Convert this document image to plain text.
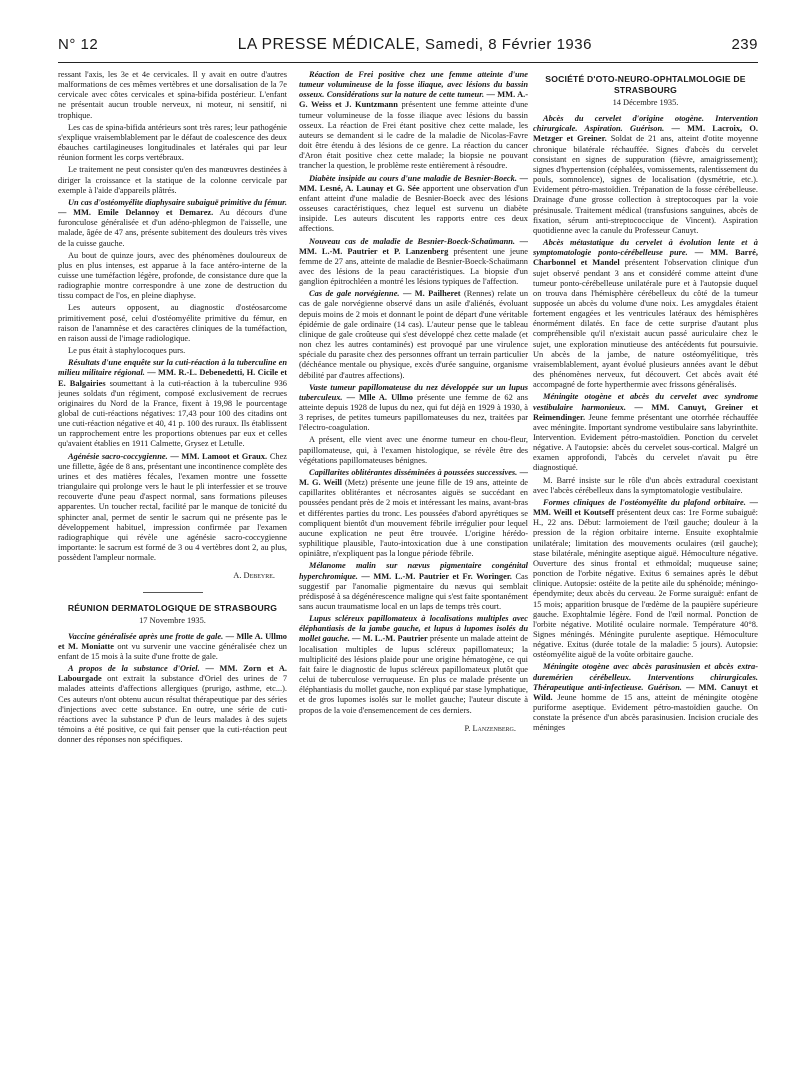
N° 12	LA PRESSE MÉDICALE, Samedi, 8 Février 1936	239

ressant l'axis, les 3e et 4e cervicales. Il y avait en outre d'autres malformations de ces mêmes vertèbres et une dorsalisation de la 7e cervicale avec côtes cervicales et spina-bifida postérieur. L'enfant ne présentait aucun trouble nerveux, ni moteur, ni sensitif, ni trophique.

Les cas de spina-bifida antérieurs sont très rares; leur pathogénie s'explique vraisemblablement par le défaut de coalescence des deux ébauches cartilagineuses longitudinales et latérales qui par leur réunion forment les corps vertébraux.

Le traitement ne peut consister qu'en des manœuvres destinées à diriger la croissance et la statique de la colonne cervicale par exemple à l'aide d'appareils plâtrés.

Un cas d'ostéomyélite diaphysaire subaiguë primitive du fémur. — MM. Emile Delannoy et Demarez. Au décours d'une furonculose généralisée et d'un adéno-phlegmon de l'aisselle, une malade, âgée de 47 ans, présente subitement des douleurs très vives de la cuisse gauche.

Au bout de quinze jours, avec des phénomènes douloureux de plus en plus intenses, est apparue à la face antéro-interne de la cuisse une tuméfaction légère, profonde, de consistance dure que la radiographie montre correspondre à une zone de destruction du tissu compact de l'os, en pleine diaphyse.

Les auteurs opposent, au diagnostic d'ostéosarcome primitivement posé, celui d'ostéomyélite primitive du fémur, en raison de l'anamnèse et des caractères cliniques de la tuméfaction, en raison aussi de l'image radiologique.

Le pus était à staphylocoques purs.

Résultats d'une enquête sur la cuti-réaction à la tuberculine en milieu militaire régional. — MM. R.-L. Debenedetti, H. Cicile et E. Balgairies soumettant à la cuti-réaction à la tuberculine 936 jeunes soldats d'un régiment, composé exclusivement de recrues originaires du Nord de la France, fixent à 19,98 le pourcentage global de cuti-réactions négatives: 17,43 pour 100 des citadins ont une cuti-réaction négative et 40, 41 p. 100 des ruraux. Ils établissent un rapprochement entre les proportions obtenues par eux et celles qu'avaient établies en 1911 Calmette, Grysez et Letulle.

Agénésie sacro-coccygienne. — MM. Lamoot et Graux. Chez une fillette, âgée de 8 ans, présentant une incontinence complète des urines et des matières fécales, l'examen montre une fossette triangulaire qui prolonge vers le haut le pli interfessier et se trouve recouverte d'une peau d'aspect normal, sans formations pileuses apparentes. Un toucher rectal, facilité par le manque de tonicité du sphincter anal, permet de sentir le sacrum qui ne présente pas le développement habituel, impression confirmée par l'examen radiographique qui révèle une agénésie sacro-coccygienne importante: le sacrum est formé de 3 ou 4 vertèbres dont 2, au plus, possèdent l'ampleur normale.

A. Debeyre.
RÉUNION DERMATOLOGIQUE DE STRASBOURG
17 Novembre 1935.

Vaccine généralisée après une frotte de gale. — Mlle A. Ullmo et M. Moniatte ont vu survenir une vaccine généralisée chez un enfant de 15 mois à la suite d'une frotte de gale.

A propos de la substance d'Oriel. — MM. Zorn et A. Labourgade ont extrait la substance d'Oriel des urines de 7 malades atteints d'affections allergiques (prurigo, asthme, etc...). Ces auteurs n'ont obtenu aucun résultat thérapeutique par des séries d'injections avec cette substance. En outre, une série de cuti-réactions avec la substance P d'un de leurs malades à des sujets témoins a été positive, ce qui fait penser que la cuti-réaction peut donner des réponses non spécifiques.

Réaction de Frei positive chez une femme atteinte d'une tumeur volumineuse de la fosse iliaque, avec lésions du bassin osseux. Considérations sur la nature de cette tumeur. — MM. A.-G. Weiss et J. Kuntzmann présentent une femme atteinte d'une tumeur volumineuse de la fosse iliaque avec lésions du bassin osseux. La réaction de Frei étant positive chez cette malade, les auteurs se demandent si le cadre de la maladie de Nicolas-Favre doit être étendu à des lésions de ce genre. La réaction du cancer d'Aron était positive chez cette malade; la biopsie ne pouvant trancher la question, le problème reste entièrement à résoudre.

Diabète insipide au cours d'une maladie de Besnier-Boeck. — MM. Lesné, A. Launay et G. Sée apportent une observation d'un enfant atteint d'une maladie de Besnier-Boeck avec des lésions osseuses caractéristiques, chez lequel est survenu un diabète insipide. Les auteurs discutent les rapports entre ces deux affections.

Nouveau cas de maladie de Besnier-Boeck-Schaümann. — MM. L.-M. Pautrier et P. Lanzenberg présentent une jeune femme de 27 ans, atteinte de maladie de Besnier-Boeck-Schaümann avec des lésions de la peau caractéristiques. La biopsie d'un ganglion épitrochléen a montré les lésions typiques de l'affection.

Cas de gale norvégienne. — M. Pailheret (Rennes) relate un cas de gale norvégienne observé dans un asile d'aliénés, évoluant depuis moins de 2 mois et donnant le point de départ d'une véritable épidémie de gale ordinaire (14 cas). L'auteur pense que le tableau clinique de gale croûteuse qui s'est développé chez cette malade (et non chez les autres contaminés) est provoqué par une virulence spéciale du parasite chez des personnes offrant un terrain particulier (déchéance mentale ou physique, excès d'urée sanguine, organisme débilité par d'autres affections).

Vaste tumeur papillomateuse du nez développée sur un lupus tuberculeux. — Mlle A. Ullmo présente une femme de 62 ans atteinte depuis 1928 de lupus du nez, qui fut déjà en 1929 à 1930, à 3 reprises, de petites tumeurs papillomateuses du nez, traitées par l'électro-coagulation.

A présent, elle vient avec une énorme tumeur en chou-fleur, papillomateuse, qui, à l'examen histologique, se révèle être des végétations papillomateuses bénignes.

Capillarites oblitérantes disséminées à poussées successives. — M. G. Weill (Metz) présente une jeune fille de 19 ans, atteinte de capillarites oblitérantes et nécrosantes aiguës se succédant en poussées pendant près de 2 mois et intéressant les mains, avant-bras et différentes parties du tronc. Les poussées d'abord apyrétiques se compliquent bientôt d'un mouvement fébrile irrégulier pour lequel aucune explication ne peut être trouvée. L'origine hérédo-syphilitique plausible, l'auto-intoxication due à une constipation opiniâtre, n'expliquent pas la longue période fébrile.

Mélanome malin sur nævus pigmentaire congénital hyperchromique. — MM. L.-M. Pautrier et Fr. Woringer. Cas suggestif par l'anomalie pigmentaire du nævus qui semblait prédisposé à sa dégénérescence maligne qui s'est faite spontanément sans aucun traumatisme local en un laps de temps très court.

Lupus scléreux papillomateux à localisations multiples avec éléphantiasis de la jambe gauche, et lupus à lupomes isolés du mollet gauche. — M. L.-M. Pautrier présente un malade atteint de localisation multiples de lupus scléreux papillomateux; la multiplicité des lésions plaide pour une origine hématogène, ce qui fait faire le diagnostic de lupus scléreux papillomateux plutôt que celui de tuberculose verruqueuse. En plus ce malade présente un éléphantiasis du mollet gauche, non expliqué par stase lymphatique, et de gros lupomes isolés sur le mollet gauche; l'auteur discute à propos de la voie d'ensemencement de ces derniers.

P. Lanzenberg.
SOCIÉTÉ D'OTO-NEURO-OPHTALMOLOGIE DE STRASBOURG
14 Décembre 1935.

Abcès du cervelet d'origine otogène. Intervention chirurgicale. Aspiration. Guérison. — MM. Lacroix, O. Metzger et Greiner. Soldat de 21 ans, atteint d'otite moyenne chronique bilatérale réchauffée. Signes d'abcès du cervelet consistant en signes de suppuration (fièvre, amaigrissement); signes d'hypertension (céphalées, vomissements, ralentissement du pouls, somnolence), signes de localisation (dysmétrie, etc.). Evidement pétro-mastoïdien. Trépanation de la fosse cérébelleuse. Drainage d'une grosse collection à streptocoques par la voie présinusale. Traitement médical (transfusions sanguines, abcès de fixation, sérum anti-streptococcique de Vincent). Aspiration quotidienne avec la canule du Professeur Canuyt.

Abcès métastatique du cervelet à évolution lente et à symptomatologie ponto-cérébelleuse pure. — MM. Barré, Charbonnel et Mandel présentent l'observation clinique d'un sujet observé pendant 3 ans et considéré comme atteint d'une tumeur ponto-cérébelleuse unilatérale pure et à l'autopsie duquel on trouva dans l'hémisphère cérébelleux du côté de la tumeur supposée un abcès du volume d'une noix. Les amygdales étaient fortement engagées et les ventricules latéraux des hémisphères énormément dilatés. En face de cette surprise d'autant plus compréhensible qu'il n'existait aucun passé auriculaire chez le sujet, une exploration minutieuse des antécédents fut poursuivie. Un abcès de la jambe, de nature ostéomyélitique, très vraisemblablement, ayant évolué plusieurs années avant le début des phénomènes nerveux, fut découvert. Cet abcès avait été accompagné de forte hyperthermie avec frissons généralisés.

Méningite otogène et abcès du cervelet avec syndrome vestibulaire harmonieux. — MM. Canuyt, Greiner et Reimendinger. Jeune femme présentant une otorrhée réchauffée avec méningite. Important syndrome vestibulaire sans labyrinthite. Intervention. Evidement pétro-mastoïdien. Ponction du cervelet négative. A l'autopsie: abcès du cervelet sous-cortical. Malgré un examen approfondi, l'abcès du cervelet n'avait pu être diagnostiqué.

M. Barré insiste sur le rôle d'un abcès extradural coexistant avec l'abcès cérébelleux dans la symptomatologie vestibulaire.

Formes cliniques de l'ostéomyélite du plafond orbitaire. — MM. Weill et Koutseff présentent deux cas: 1re Forme subaiguë: H., 22 ans. Début: larmoiement de l'œil gauche; douleur à la pression de la région orbitaire interne. Ensuite exophtalmie unilatérale; limitation des mouvements oculaires (œil gauche); stase bilatérale, méningite aseptique aiguë. Hémoculture négative. Ouverture des sinus frontal et ethmoïdal; muqueuse saine; ponction de l'orbite négative. Exitus 6 semaines après le début clinique. Autopsie: ostéite de la petite aile du sphénoïde; méningo-épendymite; deux abcès du cerveau. 2e Forme suraiguë: enfant de 15 mois; apparition brusque de l'œdème de la paupière supérieure gauche. Exophtalmie légère. Fond de l'œil normal. Ponction de l'orbite négative. Motilité oculaire normale. Température 40°8. Signes méningés. Méningite purulente aseptique. Hémoculture négative. Exitus (durée totale de la maladie: 5 jours). Autopsie: ostéomyélite aiguë de la voûte orbitaire gauche.

Méningite otogène avec abcès parasinusien et abcès extra-duremérien cérébelleux. Interventions chirurgicales. Thérapeutique anti-infectieuse. Guérison. — MM. Canuyt et Wild. Jeune homme de 15 ans, atteint de méningite otogène puriforme aseptique. Evidement pétro-mastoïdien gauche. On constate la présence d'un abcès parasinusien. Incision cruciale des méninges
